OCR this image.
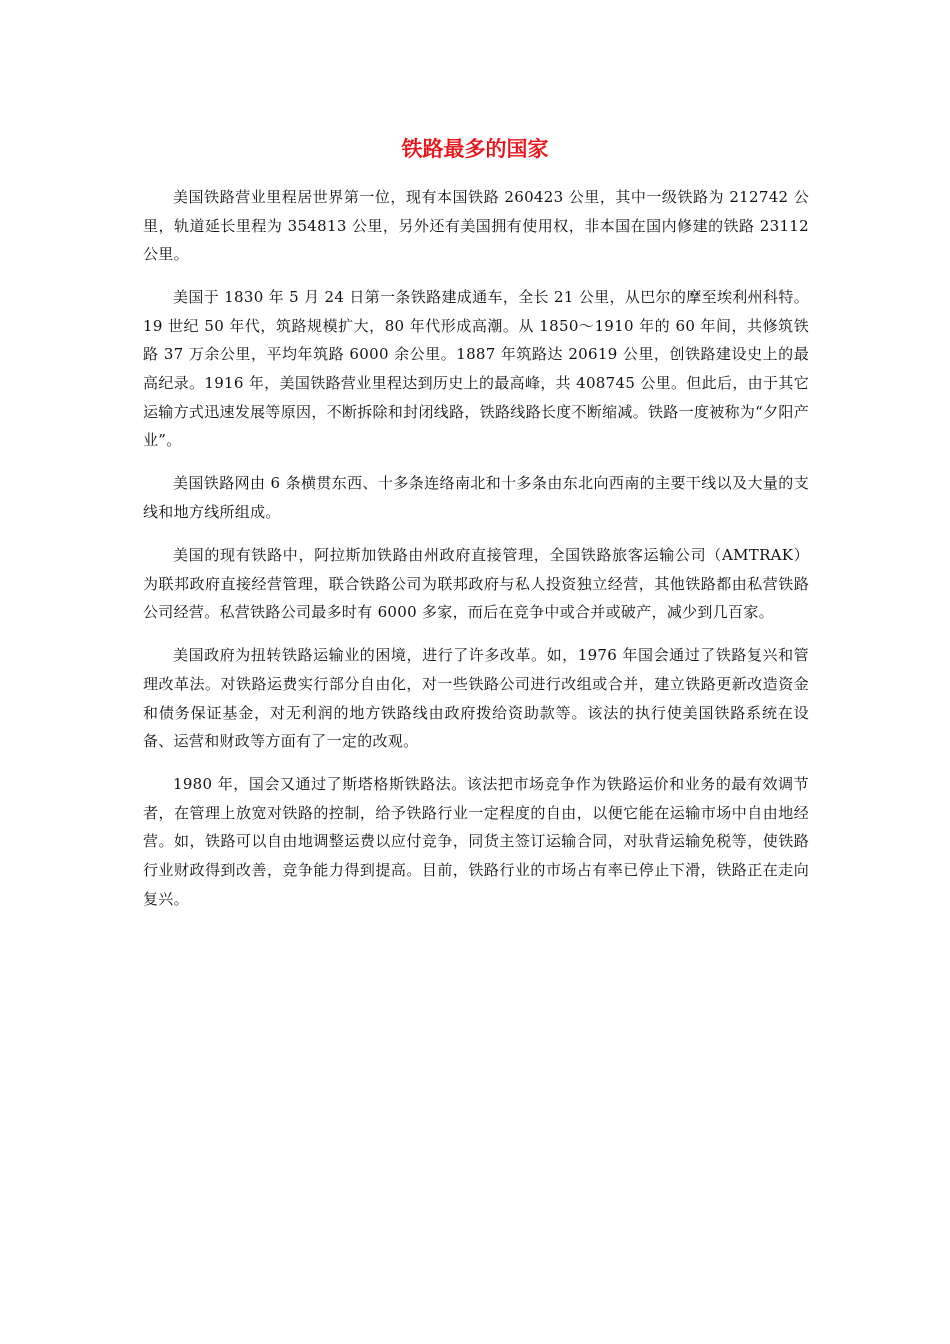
铁路最多的国家

美国铁路营业里程居世界第一位，现有本国铁路 260423 公里，其中一级铁路为 212742 公里，轨道延长里程为 354813 公里，另外还有美国拥有使用权，非本国在国内修建的铁路 23112 公里。

美国于 1830 年 5 月 24 日第一条铁路建成通车，全长 21 公里，从巴尔的摩至埃利州科特。19 世纪 50 年代，筑路规模扩大，80 年代形成高潮。从 1850～1910 年的 60 年间，共修筑铁路 37 万余公里，平均年筑路 6000 余公里。1887 年筑路达 20619 公里，创铁路建设史上的最高纪录。1916 年，美国铁路营业里程达到历史上的最高峰，共 408745 公里。但此后，由于其它运输方式迅速发展等原因，不断拆除和封闭线路，铁路线路长度不断缩减。铁路一度被称为“夕阳产业”。

美国铁路网由 6 条横贯东西、十多条连络南北和十多条由东北向西南的主要干线以及大量的支线和地方线所组成。

美国的现有铁路中，阿拉斯加铁路由州政府直接管理，全国铁路旅客运输公司（AMTRAK）为联邦政府直接经营管理，联合铁路公司为联邦政府与私人投资独立经营，其他铁路都由私营铁路公司经营。私营铁路公司最多时有 6000 多家，而后在竞争中或合并或破产，减少到几百家。

美国政府为扭转铁路运输业的困境，进行了许多改革。如，1976 年国会通过了铁路复兴和管理改革法。对铁路运费实行部分自由化，对一些铁路公司进行改组或合并，建立铁路更新改造资金和债务保证基金，对无利润的地方铁路线由政府拨给资助款等。该法的执行使美国铁路系统在设备、运营和财政等方面有了一定的改观。

1980 年，国会又通过了斯塔格斯铁路法。该法把市场竞争作为铁路运价和业务的最有效调节者，在管理上放宽对铁路的控制，给予铁路行业一定程度的自由，以便它能在运输市场中自由地经营。如，铁路可以自由地调整运费以应付竞争，同货主签订运输合同，对驮背运输免税等，使铁路行业财政得到改善，竞争能力得到提高。目前，铁路行业的市场占有率已停止下滑，铁路正在走向复兴。
